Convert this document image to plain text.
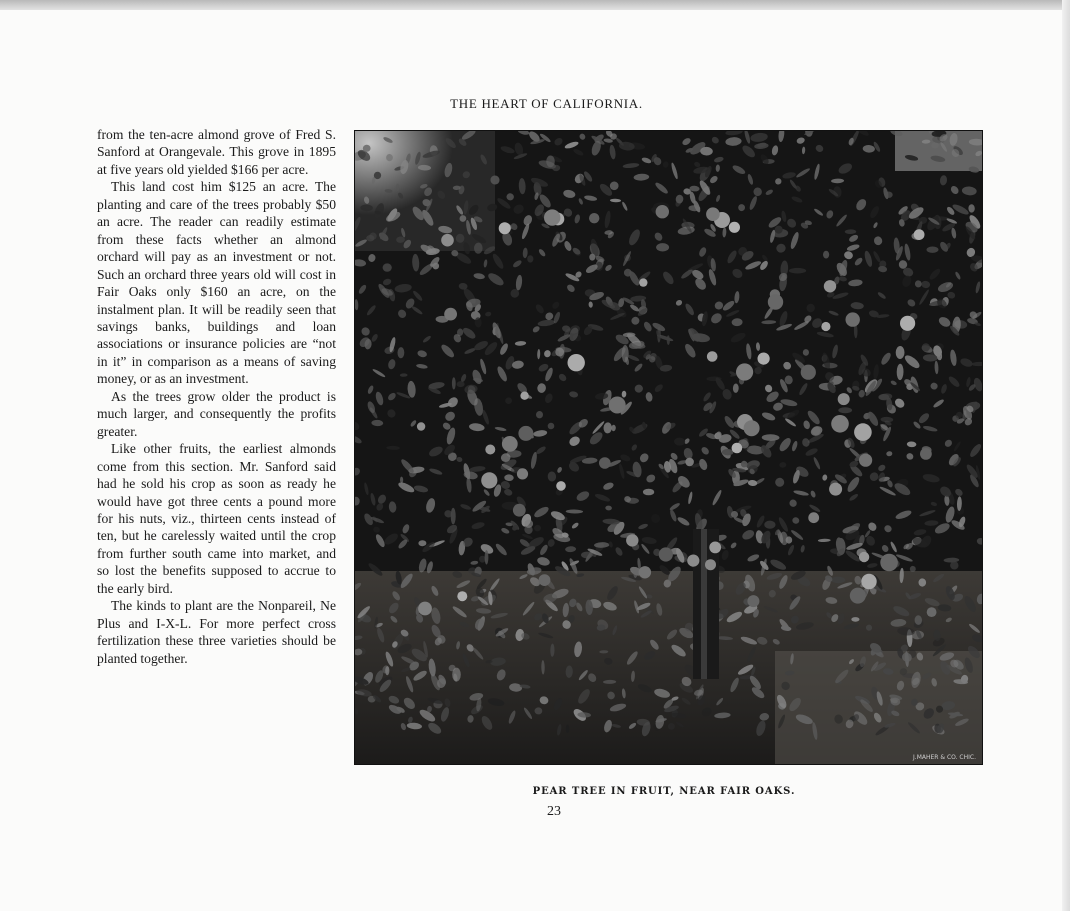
THE HEART OF CALIFORNIA.

from the ten-acre almond grove of Fred S. Sanford at Orangevale. This grove in 1895 at five years old yielded $166 per acre.

This land cost him $125 an acre. The planting and care of the trees probably $50 an acre. The reader can readily estimate from these facts whether an almond orchard will pay as an investment or not. Such an orchard three years old will cost in Fair Oaks only $160 an acre, on the instalment plan. It will be readily seen that savings banks, buildings and loan associations or insurance policies are “not in it” in comparison as a means of saving money, or as an investment.

As the trees grow older the product is much larger, and consequently the profits greater.

Like other fruits, the earliest almonds come from this section. Mr. Sanford said had he sold his crop as soon as ready he would have got three cents a pound more for his nuts, viz., thirteen cents instead of ten, but he carelessly waited until the crop from further south came into market, and so lost the benefits supposed to accrue to the early bird.

The kinds to plant are the Nonpareil, Ne Plus and I-X-L. For more perfect cross fertilization these three varieties should be planted together.

J.MAHER & CO. CHIC.
PEAR TREE IN FRUIT, NEAR FAIR OAKS.
23
